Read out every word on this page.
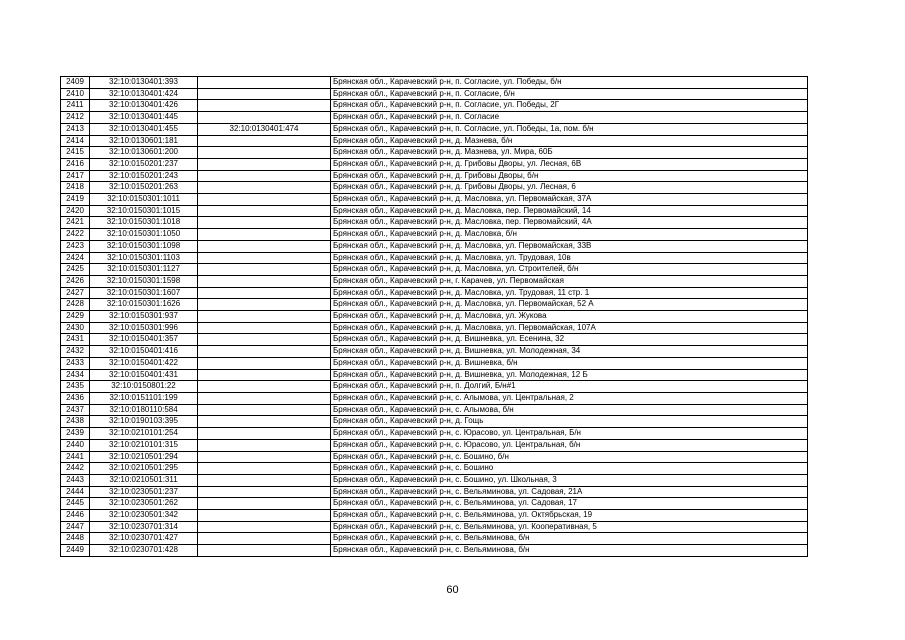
2409	32:10:0130401:393		Брянская обл., Карачевский р-н, п. Согласие, ул. Победы, б/н
2410	32:10:0130401:424		Брянская обл., Карачевский р-н, п. Согласие, б/н
2411	32:10:0130401:426		Брянская обл., Карачевский р-н, п. Согласие, ул. Победы, 2Г
2412	32:10:0130401:445		Брянская обл., Карачевский р-н, п. Согласие
2413	32:10:0130401:455	32:10:0130401:474	Брянская обл., Карачевский р-н, п. Согласие, ул. Победы, 1а, пом. б/н
2414	32:10:0130601:181		Брянская обл., Карачевский р-н, д. Мазнева, б/н
2415	32:10:0130601:200		Брянская обл., Карачевский р-н, д. Мазнева, ул. Мира, 60Б
2416	32:10:0150201:237		Брянская обл., Карачевский р-н, д. Грибовы Дворы, ул. Лесная, 6В
2417	32:10:0150201:243		Брянская обл., Карачевский р-н, д. Грибовы Дворы, б/н
2418	32:10:0150201:263		Брянская обл., Карачевский р-н, д. Грибовы Дворы, ул. Лесная, 6
2419	32:10:0150301:1011		Брянская обл., Карачевский р-н, д. Масловка, ул. Первомайская, 37А
2420	32:10:0150301:1015		Брянская обл., Карачевский р-н, д. Масловка, пер. Первомайский, 14
2421	32:10:0150301:1018		Брянская обл., Карачевский р-н, д. Масловка, пер. Первомайский, 4А
2422	32:10:0150301:1050		Брянская обл., Карачевский р-н, д. Масловка, б/н
2423	32:10:0150301:1098		Брянская обл., Карачевский р-н, д. Масловка, ул. Первомайская, 33В
2424	32:10:0150301:1103		Брянская обл., Карачевский р-н, д. Масловка, ул. Трудовая, 10в
2425	32:10:0150301:1127		Брянская обл., Карачевский р-н, д. Масловка, ул. Строителей, б/н
2426	32:10:0150301:1598		Брянская обл., Карачевский р-н, г. Карачев, ул. Первомайская
2427	32:10:0150301:1607		Брянская обл., Карачевский р-н, д. Масловка, ул. Трудовая, 11 стр. 1
2428	32:10:0150301:1626		Брянская обл., Карачевский р-н, д. Масловка, ул. Первомайская, 52 А
2429	32:10:0150301:937		Брянская обл., Карачевский р-н, д. Масловка, ул. Жукова
2430	32:10:0150301:996		Брянская обл., Карачевский р-н, д. Масловка, ул. Первомайская, 107А
2431	32:10:0150401:357		Брянская обл., Карачевский р-н, д. Вишневка, ул. Есенина, 32
2432	32:10:0150401:416		Брянская обл., Карачевский р-н, д. Вишневка, ул. Молодежная, 34
2433	32:10:0150401:422		Брянская обл., Карачевский р-н, д. Вишневка, б/н
2434	32:10:0150401:431		Брянская обл., Карачевский р-н, д. Вишневка, ул. Молодежная, 12 Б
2435	32:10:0150801:22		Брянская обл., Карачевский р-н, п. Долгий, Б/н#1
2436	32:10:0151101:199		Брянская обл., Карачевский р-н, с. Алымова, ул. Центральная, 2
2437	32:10:0180110:584		Брянская обл., Карачевский р-н, с. Алымова, б/н
2438	32:10:0190103:395		Брянская обл., Карачевский р-н, д. Гощь
2439	32:10:0210101:254		Брянская обл., Карачевский р-н, с. Юрасово, ул. Центральная, Б/н
2440	32:10:0210101:315		Брянская обл., Карачевский р-н, с. Юрасово, ул. Центральная, б/н
2441	32:10:0210501:294		Брянская обл., Карачевский р-н, с. Бошино, б/н
2442	32:10:0210501:295		Брянская обл., Карачевский р-н, с. Бошино
2443	32:10:0210501:311		Брянская обл., Карачевский р-н, с. Бошино, ул. Школьная, 3
2444	32:10:0230501:237		Брянская обл., Карачевский р-н, с. Вельяминова, ул. Садовая, 21А
2445	32:10:0230501:262		Брянская обл., Карачевский р-н, с. Вельяминова, ул. Садовая, 17
2446	32:10:0230501:342		Брянская обл., Карачевский р-н, с. Вельяминова, ул. Октябрьская, 19
2447	32:10:0230701:314		Брянская обл., Карачевский р-н, с. Вельяминова, ул. Кооперативная, 5
2448	32:10:0230701:427		Брянская обл., Карачевский р-н, с. Вельяминова, б/н
2449	32:10:0230701:428		Брянская обл., Карачевский р-н, с. Вельяминова, б/н
60
